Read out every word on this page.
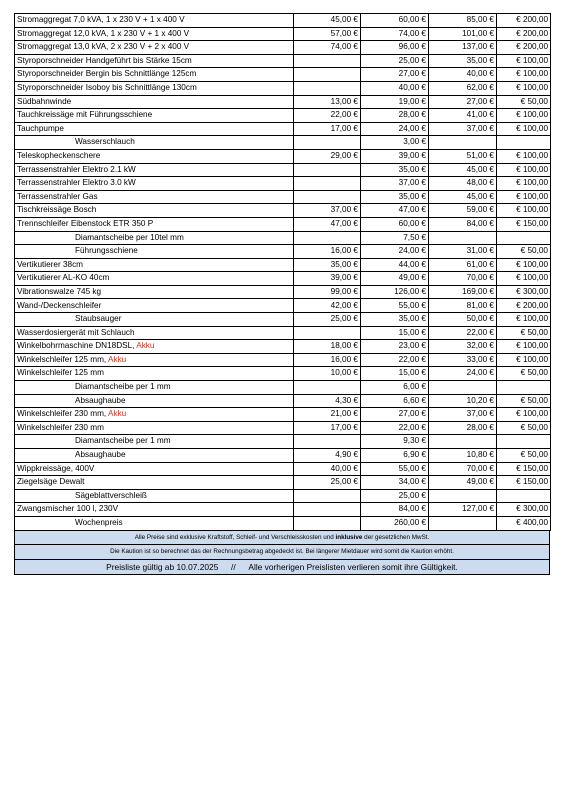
Stromaggregat 7,0 kVA, 1 x 230 V + 1 x 400 V	45,00 €	60,00 €	85,00 €	€ 200,00
Stromaggregat 12,0 kVA, 1 x 230 V + 1 x 400 V	57,00 €	74,00 €	101,00 €	€ 200,00
Stromaggregat 13,0 kVA, 2 x 230 V + 2 x 400 V	74,00 €	96,00 €	137,00 €	€ 200,00
Styroporschneider Handgeführt bis Stärke 15cm		25,00 €	35,00 €	€ 100,00
Styroporschneider Bergin bis Schnittlänge 125cm		27,00 €	40,00 €	€ 100,00
Styroporschneider Isoboy bis Schnittlänge 130cm		40,00 €	62,00 €	€ 100,00
Südbahnwinde	13,00 €	19,00 €	27,00 €	€ 50,00
Tauchkreissäge mit Führungsschiene	22,00 €	28,00 €	41,00 €	€ 100,00
Tauchpumpe	17,00 €	24,00 €	37,00 €	€ 100,00
Wasserschlauch		3,00 €		
Teleskopheckenschere	29,00 €	39,00 €	51,00 €	€ 100,00
Terrassenstrahler Elektro 2.1 kW		35,00 €	45,00 €	€ 100,00
Terrassenstrahler Elektro 3.0 kW		37,00 €	48,00 €	€ 100,00
Terrassenstrahler Gas		35,00 €	45,00 €	€ 100,00
Tischkreissäge Bosch	37,00 €	47,00 €	59,00 €	€ 100,00
Trennschleifer Eibenstock ETR 350 P	47,00 €	60,00 €	84,00 €	€ 150,00
Diamantscheibe per 10tel mm		7,50 €		
Führungsschiene	16,00 €	24,00 €	31,00 €	€ 50,00
Vertikutierer 38cm	35,00 €	44,00 €	61,00 €	€ 100,00
Vertikutierer AL-KO 40cm	39,00 €	49,00 €	70,00 €	€ 100,00
Vibrationswalze 745 kg	99,00 €	126,00 €	169,00 €	€ 300,00
Wand-/Deckenschleifer	42,00 €	55,00 €	81,00 €	€ 200,00
Staubsauger	25,00 €	35,00 €	50,00 €	€ 100,00
Wasserdosiergerät mit Schlauch		15,00 €	22,00 €	€ 50,00
Winkelbohrmaschine DN18DSL, Akku	18,00 €	23,00 €	32,00 €	€ 100,00
Winkelschleifer 125 mm, Akku	16,00 €	22,00 €	33,00 €	€ 100,00
Winkelschleifer 125 mm	10,00 €	15,00 €	24,00 €	€ 50,00
Diamantscheibe per 1 mm		6,00 €		
Absaughaube	4,30 €	6,60 €	10,20 €	€ 50,00
Winkelschleifer 230 mm, Akku	21,00 €	27,00 €	37,00 €	€ 100,00
Winkelschleifer 230 mm	17,00 €	22,00 €	28,00 €	€ 50,00
Diamantscheibe per 1 mm		9,30 €		
Absaughaube	4,90 €	6,90 €	10,80 €	€ 50,00
Wippkreissäge, 400V	40,00 €	55,00 €	70,00 €	€ 150,00
Ziegelsäge Dewalt	25,00 €	34,00 €	49,00 €	€ 150,00
Sägeblattverschleiß		25,00 €		
Zwangsmischer 100 l, 230V		84,00 €	127,00 €	€ 300,00
Wochenpreis		260,00 €		€ 400,00
Alle Preise sind exklusive Kraftstoff, Schleif- und Verschleisskosten und inklusive der gesetzlichen MwSt.
Die Kaution ist so berechnet das der Rechnungsbetrag abgedeckt ist. Bei längerer Mietdauer wird somit die Kaution erhöht.
Preisliste gültig ab 10.07.2025 // Alle vorherigen Preislisten verlieren somit ihre Gültigkeit.
